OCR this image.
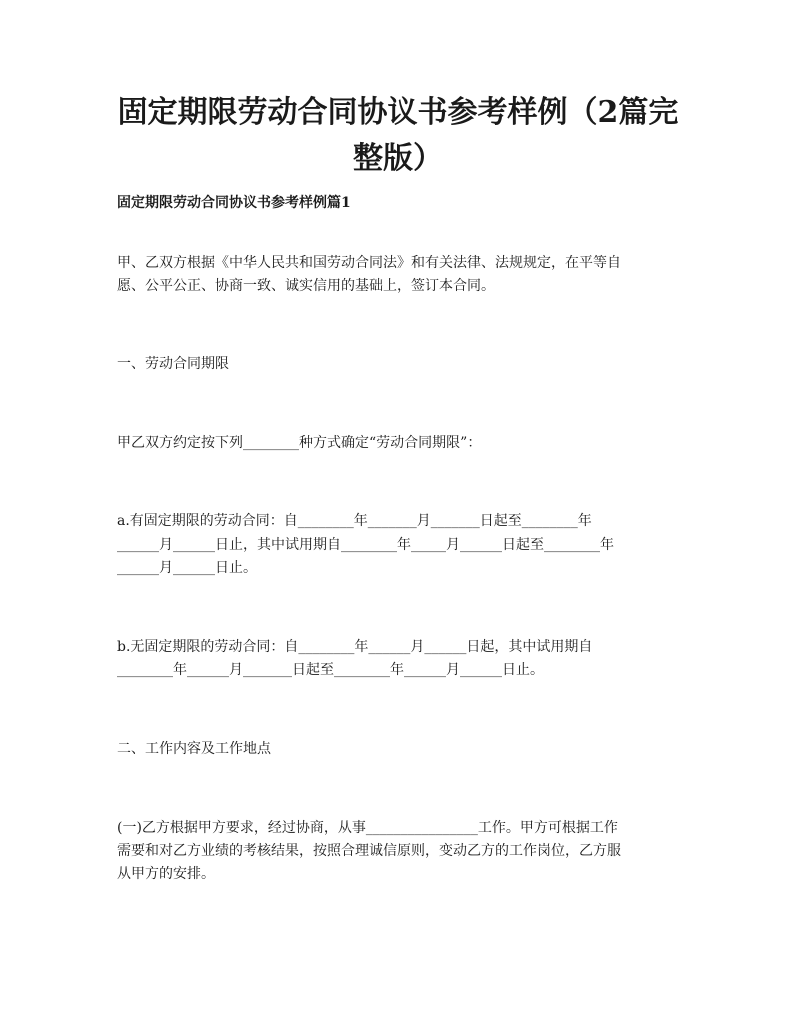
固定期限劳动合同协议书参考样例（2篇完
整版）
固定期限劳动合同协议书参考样例篇1

甲、乙双方根据《中华人民共和国劳动合同法》和有关法律、法规规定，在平等自

愿、公平公正、协商一致、诚实信用的基础上，签订本合同。

一、劳动合同期限

甲乙双方约定按下列________种方式确定“劳动合同期限”：

a.有固定期限的劳动合同：自________年_______月_______日起至________年

______月______日止，其中试用期自________年_____月______日起至________年

______月______日止。

b.无固定期限的劳动合同：自________年______月______日起，其中试用期自

________年______月_______日起至________年______月______日止。

二、工作内容及工作地点

(一)乙方根据甲方要求，经过协商，从事________________工作。甲方可根据工作

需要和对乙方业绩的考核结果，按照合理诚信原则，变动乙方的工作岗位，乙方服

从甲方的安排。
